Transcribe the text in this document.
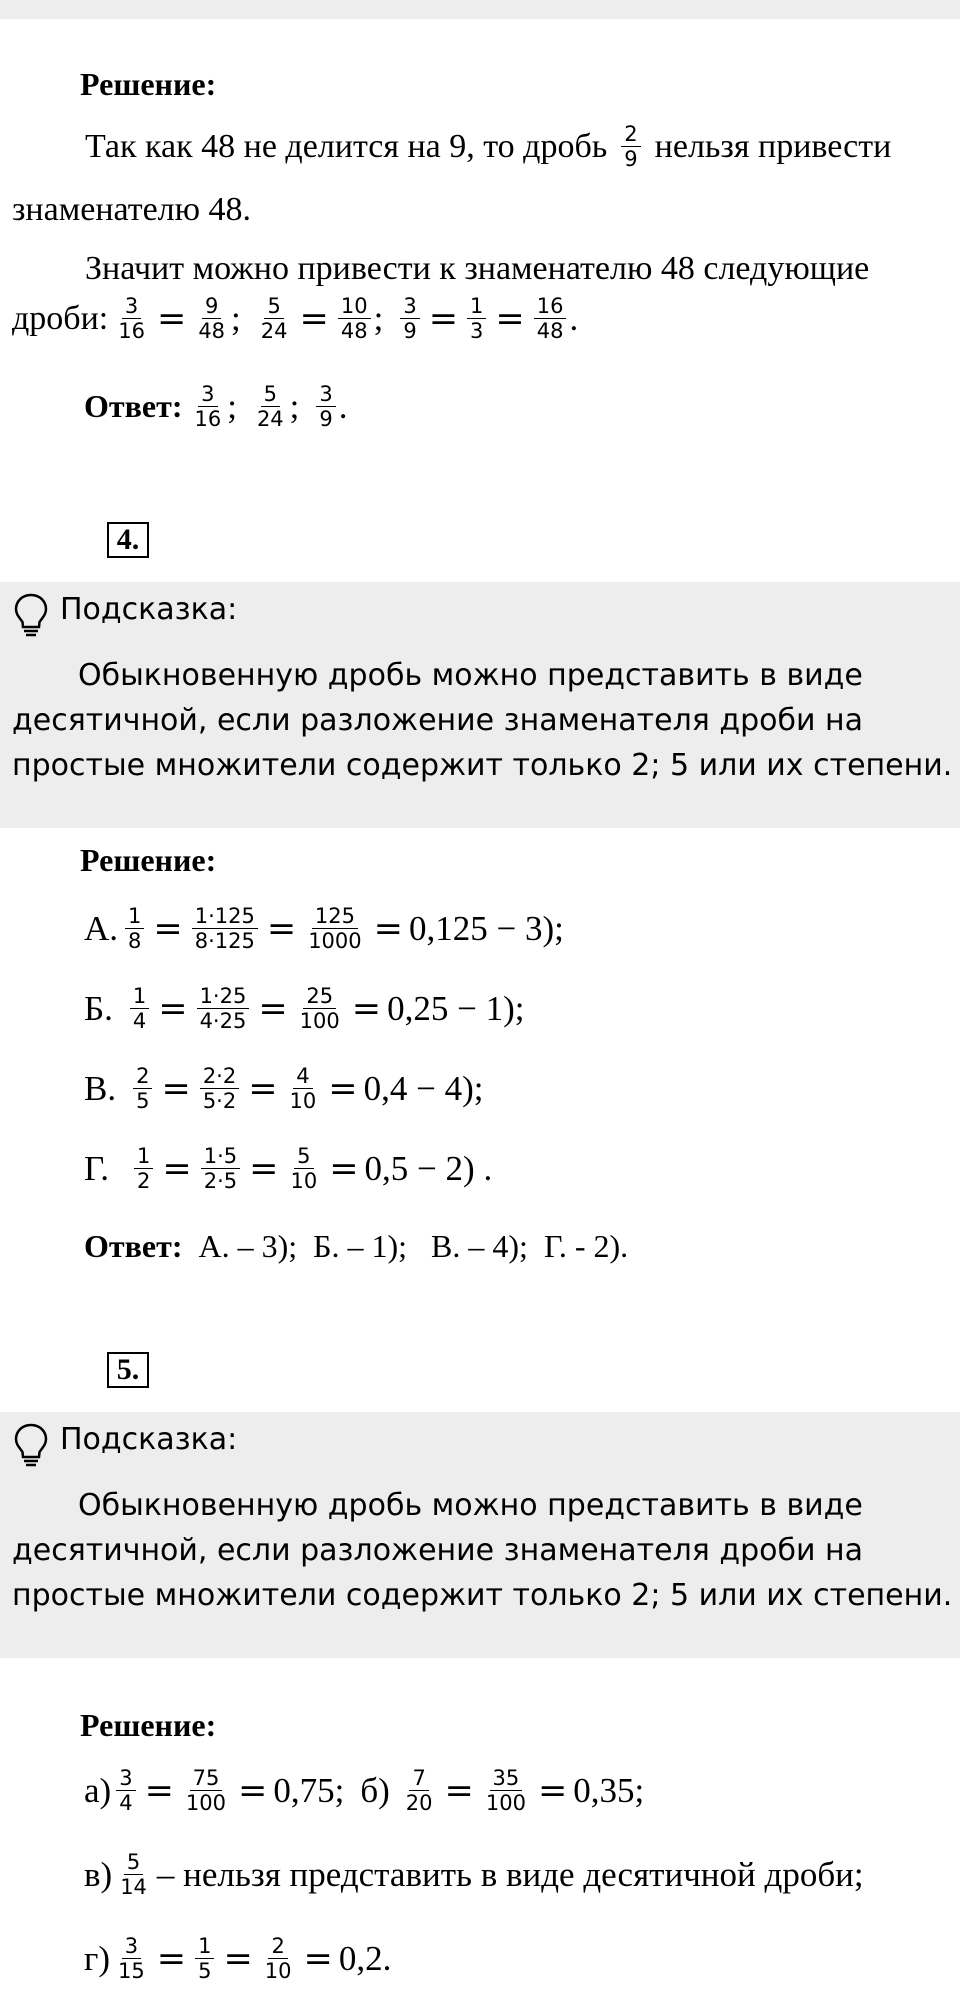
Решение:
Так как 48 не делится на 9, то дробь $\frac{2}{9}$ нельзя привести
знаменателю 48.
Значит можно привести к знаменателю 48 следующие
дроби: $\frac{3}{16} = \frac{9}{48}$ ; $\frac{5}{24} = \frac{10}{48}$ ; $\frac{3}{9} = \frac{1}{3} = \frac{16}{48}$ .
Ответ: $\frac{3}{16}$ ; $\frac{5}{24}$ ; $\frac{3}{9}$ .
4.
Подсказка:
Обыкновенную дробь можно представить в виде
десятичной, если разложение знаменателя дроби на
простые множители содержит только 2; 5 или их степени.
Решение:
А. $\frac{1}{8} = \frac{1\cdot 125}{8\cdot 125} = \frac{125}{1000} = 0,125 - 3$);
Б. $\frac{1}{4} = \frac{1\cdot 25}{4\cdot 25} = \frac{25}{100} = 0,25 - 1$);
В. $\frac{2}{5} = \frac{2\cdot 2}{5\cdot 2} = \frac{4}{10} = 0,4 - 4$);
Г. $\frac{1}{2} = \frac{1\cdot 5}{2\cdot 5} = \frac{5}{10} = 0,5 - 2$) .
Ответ: А. – 3);  Б. – 1);   В. – 4);  Г. - 2).
5.
Подсказка:
Обыкновенную дробь можно представить в виде
десятичной, если разложение знаменателя дроби на
простые множители содержит только 2; 5 или их степени.
Решение:
$а) \frac{3}{4} = \frac{75}{100} = 0,75$; $б) \frac{7}{20} = \frac{35}{100} = 0,35$;
$в) \frac{5}{14}$ – нельзя представить в виде десятичной дроби;
$г) \frac{3}{15} = \frac{1}{5} = \frac{2}{10} = 0,2$.
